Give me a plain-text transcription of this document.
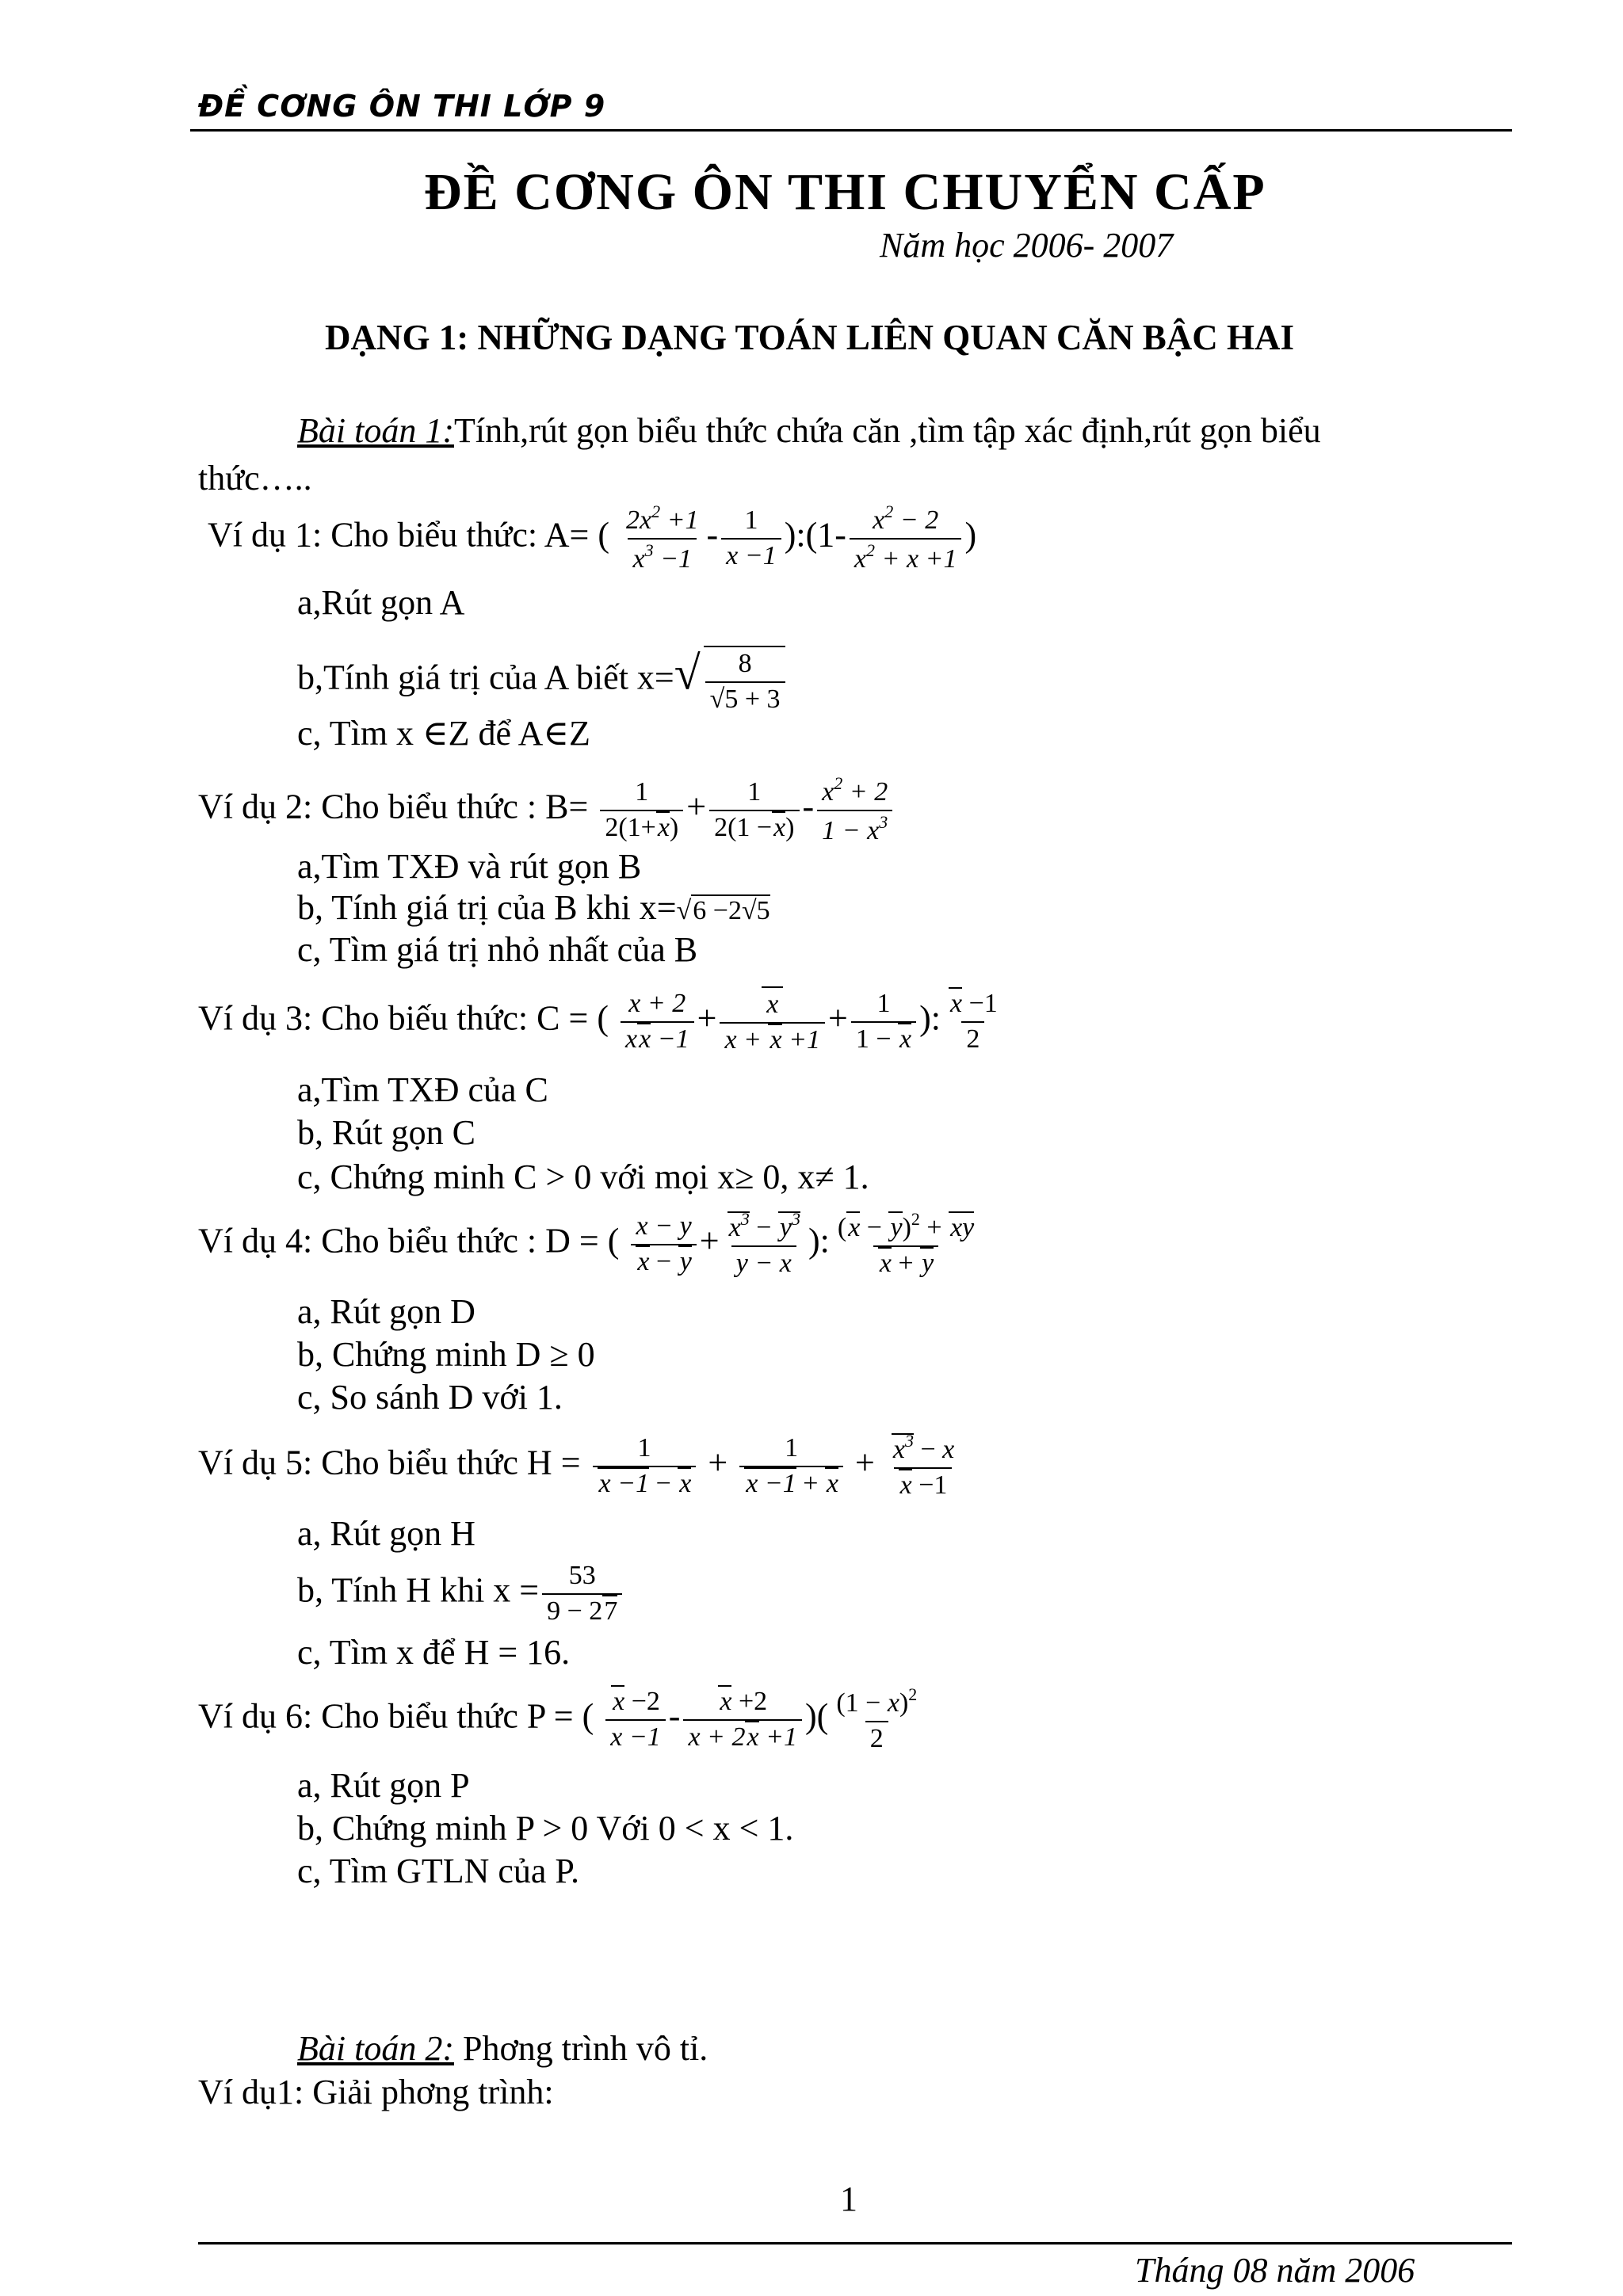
ĐỀ CƠNG ÔN THI LỚP 9
ĐỀ CƠNG ÔN THI CHUYỂN CẤP
Năm học 2006- 2007
DẠNG 1: NHỮNG DẠNG TOÁN LIÊN QUAN CĂN BẬC HAI
Bài toán 1:Tính,rút gọn biểu thức chứa căn ,tìm tập xác định,rút gọn biểu
thức…..
Ví dụ 1: Cho biểu thức: A= ( $\frac{2x^2 +1}{x^3 -1} - \frac{1}{x -1}$ ):(1- $\frac{x^2 - 2}{x^2 + x +1}$ )
a,Rút gọn A
b,Tính giá trị của A biết $x=√ \frac{8}{√5 + 3}$
c, Tìm x ∈Z để A∈Z
Ví dụ 2: Cho biểu thức : $B= \frac{1}{2(1+x)} + \frac{1}{2(1 -x)} - \frac{x^2 + 2}{1 - x^3}$
a,Tìm TXĐ và rút gọn B
b, Tính giá trị của B khi x=√6 −2√5
c, Tìm giá trị nhỏ nhất của B
Ví dụ 3: Cho biếu thức: C = ( $\frac{x + 2}{xx -1} + \frac{x}{x + x +1} + \frac{1}{1 - x}$ ): $\frac{x -1}{2}$
a,Tìm TXĐ của C
b, Rút gọn C
c, Chứng minh C > 0 với mọi x≥ 0, x≠ 1.
Ví dụ 4: Cho biểu thức : D = ( $\frac{x - y}{x - y} + \frac{x^3 - y^3}{y - x}$ ): $\frac{(x - y)^2 + xy}{x + y}$
a, Rút gọn D
b, Chứng minh D ≥ 0
c, So sánh D với 1.
Ví dụ 5: Cho biểu thức $H = \frac{1}{x -1 - x} + \frac{1}{x -1 + x} + \frac{x^3 - x}{x -1}$
a, Rút gọn H
b, Tính H khi $x = \frac{53}{9 - 27}$
c, Tìm x để H = 16.
Ví dụ 6: Cho biểu thức P = ( $\frac{x -2}{x -1} - \frac{x +2}{x + 2x +1}$ )( $\frac{(1 - x)^2}{2}$
a, Rút gọn P
b, Chứng minh P > 0 Với 0 < x < 1.
c, Tìm GTLN của P.
Bài toán 2: Phơng trình vô tỉ.
Ví dụ1: Giải phơng trình:
1
Tháng 08 năm 2006
